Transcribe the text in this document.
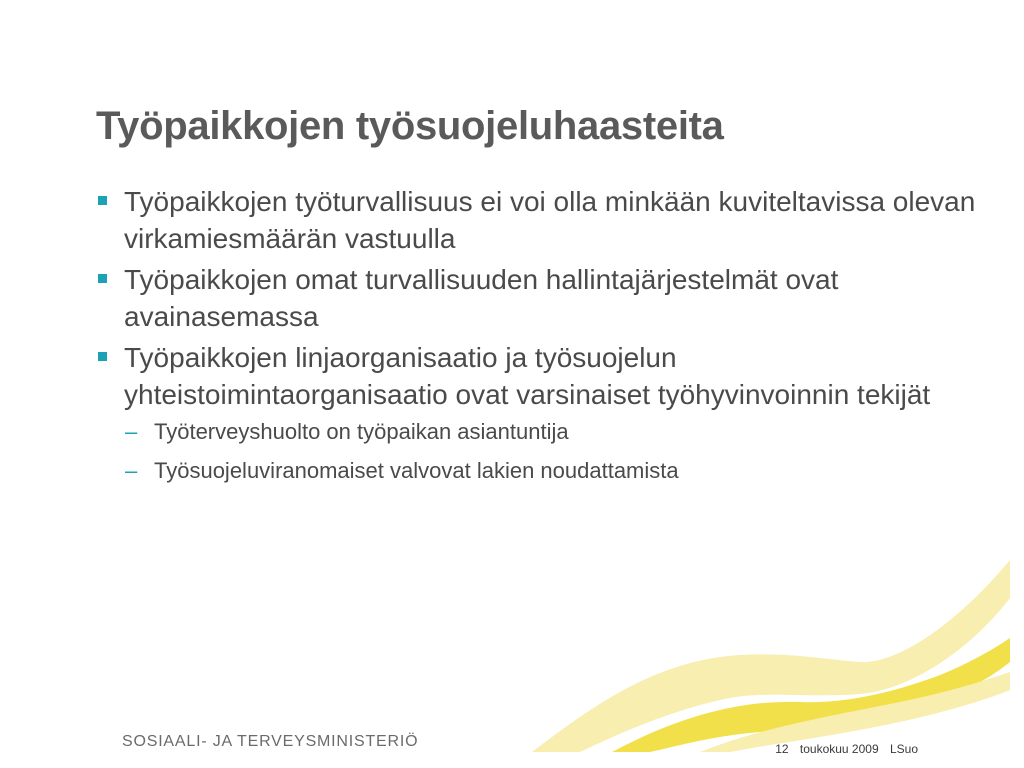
Työpaikkojen työsuojeluhaasteita
Työpaikkojen työturvallisuus ei voi olla minkään kuviteltavissa olevan virkamiesmäärän vastuulla
Työpaikkojen omat turvallisuuden hallintajärjestelmät ovat avainasemassa
Työpaikkojen linjaorganisaatio ja työsuojelun yhteistoimintaorganisaatio ovat varsinaiset työhyvinvoinnin tekijät
– Työterveyshuolto on työpaikan asiantuntija
– Työsuojeluviranomaiset valvovat lakien noudattamista
SOSIAALI- JA TERVEYSMINISTERIÖ	12 toukokuu 2009 LSuo
